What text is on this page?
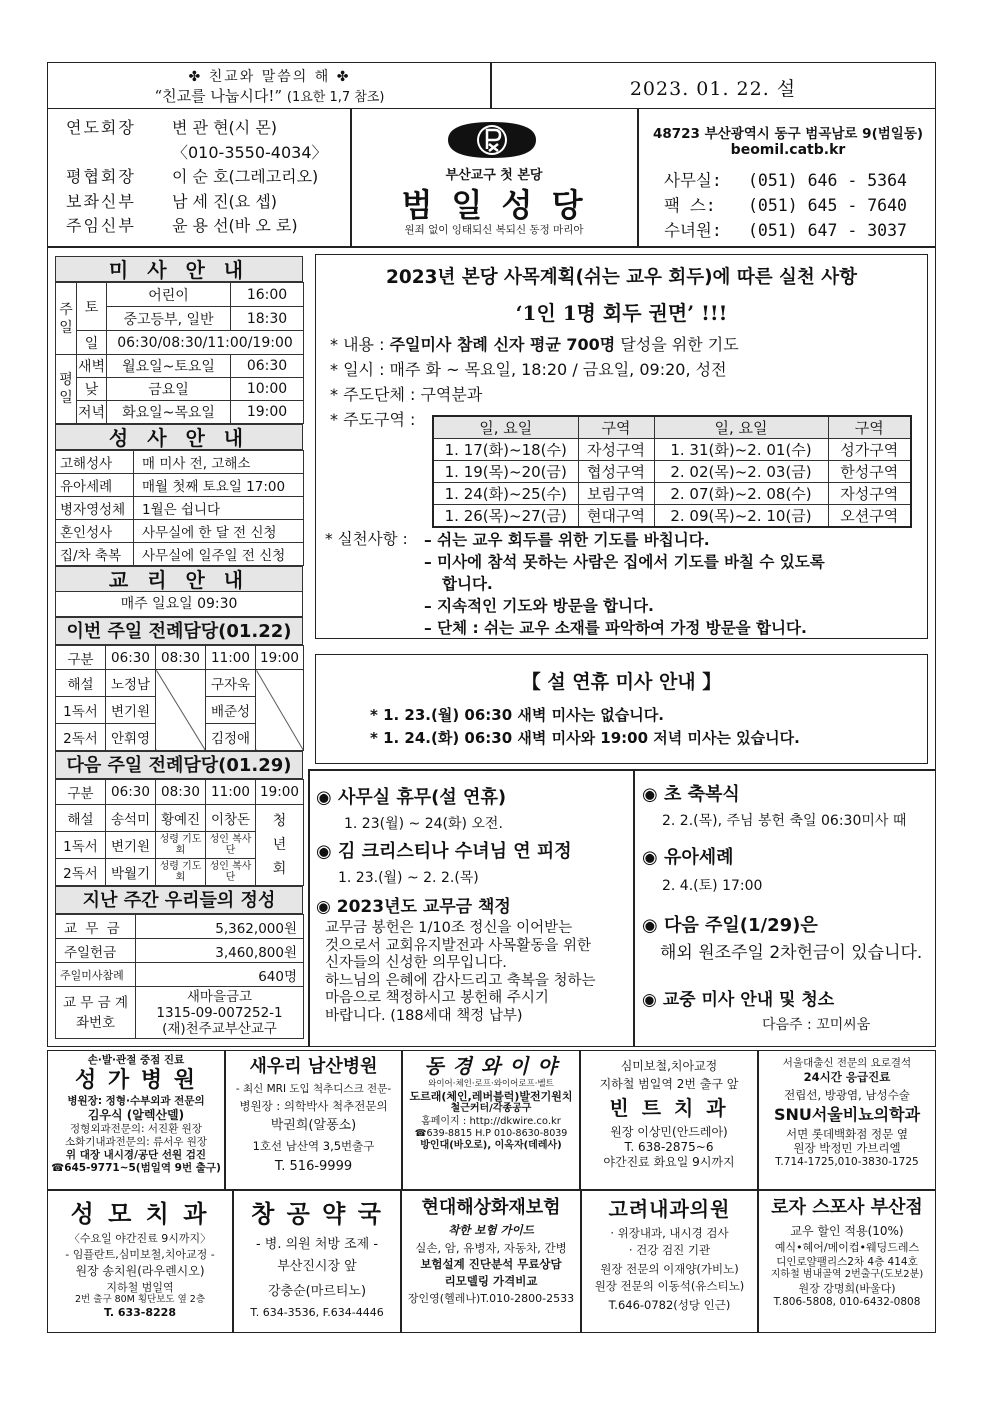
✤ 친교와 말씀의 해 ✤
“친교를 나눕시다!” (1요한 1,7 참조)	2023. 01. 22. 설
연도회장 변 관 현(시 몬)
〈010-3550-4034〉
평협회장 이 순 호(그레고리오)
보좌신부 남 세 진(요 셉)
주임신부 윤 용 선(바 오 로)
부산교구 첫 본당
범 일 성 당
원죄 없이 잉태되신 복되신 동정 마리아
48723 부산광역시 동구 범곡남로 9(범일동)
beomil.catb.kr
사무실: (051) 646 - 5364
팩 스: (051) 645 - 7640
수녀원: (051) 647 - 3037
미 사 안 내
주일	토	어린이	16:00
		중고등부, 일반	18:30
	일	06:30/08:30/11:00/19:00	
평일	새벽	월요일~토요일	06:30
	낮	금요일	10:00
	저녁	화요일~목요일	19:00
성 사 안 내
고해성사	매 미사 전, 고해소
유아세례	매월 첫째 토요일 17:00
병자영성체	1월은 쉽니다
혼인성사	사무실에 한 달 전 신청
집/차 축복	사무실에 일주일 전 신청
교 리 안 내
매주 일요일 09:30
이번 주일 전례담당(01.22)
구분	06:30	08:30	11:00	19:00
해설	노정남		구자욱	
1독서	변기원		배준성	
2독서	안휘영		김정애	
다음 주일 전례담당(01.29)
구분	06:30	08:30	11:00	19:00
해설	송석미	황예진	이창돈	청년회
1독서	변기원	성령 기도회	성인 복사단	
2독서	박월기	성령 기도회	성인 복사단	
지난 주간 우리들의 정성
교 무 금	5,362,000원
주일헌금	3,460,800원
주일미사참례	640명
교 무 금 계좌번호	새마을금고
1315-09-007252-1
(재)천주교부산교구
2023년 본당 사목계획(쉬는 교우 회두)에 따른 실천 사항
‘1인 1명 회두 권면’ !!!
* 내용 : 주일미사 참례 신자 평균 700명 달성을 위한 기도
* 일시 : 매주 화 ~ 목요일, 18:20 / 금요일, 09:20, 성전
* 주도단체 : 구역분과
* 주도구역 :	일, 요일	구역	일, 요일	구역
1. 17(화)~18(수)	자성구역	1. 31(화)~2. 01(수)	성가구역
1. 19(목)~20(금)	협성구역	2. 02(목)~2. 03(금)	한성구역
1. 24(화)~25(수)	보림구역	2. 07(화)~2. 08(수)	자성구역
1. 26(목)~27(금)	현대구역	2. 09(목)~2. 10(금)	오션구역
* 실천사항 : – 쉬는 교우 회두를 위한 기도를 바칩니다.
– 미사에 참석 못하는 사람은 집에서 기도를 바칠 수 있도록
합니다.
– 지속적인 기도와 방문을 합니다.
– 단체 : 쉬는 교우 소재를 파악하여 가정 방문을 합니다.
【 설 연휴 미사 안내 】
* 1. 23.(월) 06:30 새벽 미사는 없습니다.
* 1. 24.(화) 06:30 새벽 미사와 19:00 저녁 미사는 있습니다.
◉ 사무실 휴무(설 연휴)
1. 23(월) ~ 24(화) 오전.
◉ 김 크리스티나 수녀님 연 피정
1. 23.(월) ~ 2. 2.(목)
◉ 2023년도 교무금 책정
교무금 봉헌은 1/10조 정신을 이어받는
것으로서 교회유지발전과 사목활동을 위한
신자들의 신성한 의무입니다.
하느님의 은혜에 감사드리고 축복을 청하는
마음으로 책정하시고 봉헌해 주시기
바랍니다. (188세대 책정 납부)
◉ 초 축복식
2. 2.(목), 주님 봉헌 축일 06:30미사 때
◉ 유아세례
2. 4.(토) 17:00
◉ 다음 주일(1/29)은
해외 원조주일 2차헌금이 있습니다.
◉ 교중 미사 안내 및 청소
다음주 : 꼬미씨움
손·발·관절 중점 진료
성 가 병 원
병원장: 정형·수부외과 전문의
김우식 (알렉산델)
정형외과전문의: 서진환 원장
소화기내과전문의: 류서우 원장
위 대장 내시경/공단 선원 검진
☎645-9771~5(범일역 9번 출구)
새우리 남산병원
- 최신 MRI 도입 척추디스크 전문-
병원장 : 의학박사 척추전문의
박권희(알퐁소)
1호선 남산역 3,5번출구
T. 516-9999
동 경 와 이 야
와이어·체인·로프·와이어로프·벨트
도르래(체인,레버블럭)발전기원치
철근커터/각종공구
홈페이지 : http://dkwire.co.kr
☎639-8815 H.P 010-8630-8039
방인대(바오로), 이옥자(데레사)
심미보철,치아교정
지하철 범일역 2번 출구 앞
빈 트 치 과
원장 이상민(안드레아)
T. 638-2875~6
야간진료 화요일 9시까지
서울대출신 전문의 요로결석
24시간 응급진료
전립선, 방광염, 남성수술
SNU서울비뇨의학과
서면 롯데백화점 정문 옆
원장 박정민 가브리엘
T.714-1725,010-3830-1725
성 모 치 과
〈수요일 야간진료 9시까지〉
- 임플란트,심미보철,치아교정 -
원장 송치원(라우렌시오)
지하철 범일역
2번 출구 80M 횡단보도 옆 2층
T. 633-8228
창 공 약 국
- 병. 의원 처방 조제 -
부산진시장 앞
강충순(마르티노)
T. 634-3536, F.634-4446
현대해상화재보험
착한 보험 가이드
실손, 암, 유병자, 자동차, 간병
보험설계 진단분석 무료상담
리모델링 가격비교
장인영(헬레나)T.010-2800-2533
고려내과의원
· 위장내과, 내시경 검사
· 건강 검진 기관
원장 전문의 이재양(가비노)
원장 전문의 이동석(유스티노)
T.646-0782(성당 인근)
로자 스포사 부산점
교우 할인 적용(10%)
예식•혜어/메이컵•웨딩드레스
디인로얄팰리스2차 4층 414호
지하철 범내골역 2번출구(도보2분)
원장 강명희(바울다)
T.806-5808, 010-6432-0808
